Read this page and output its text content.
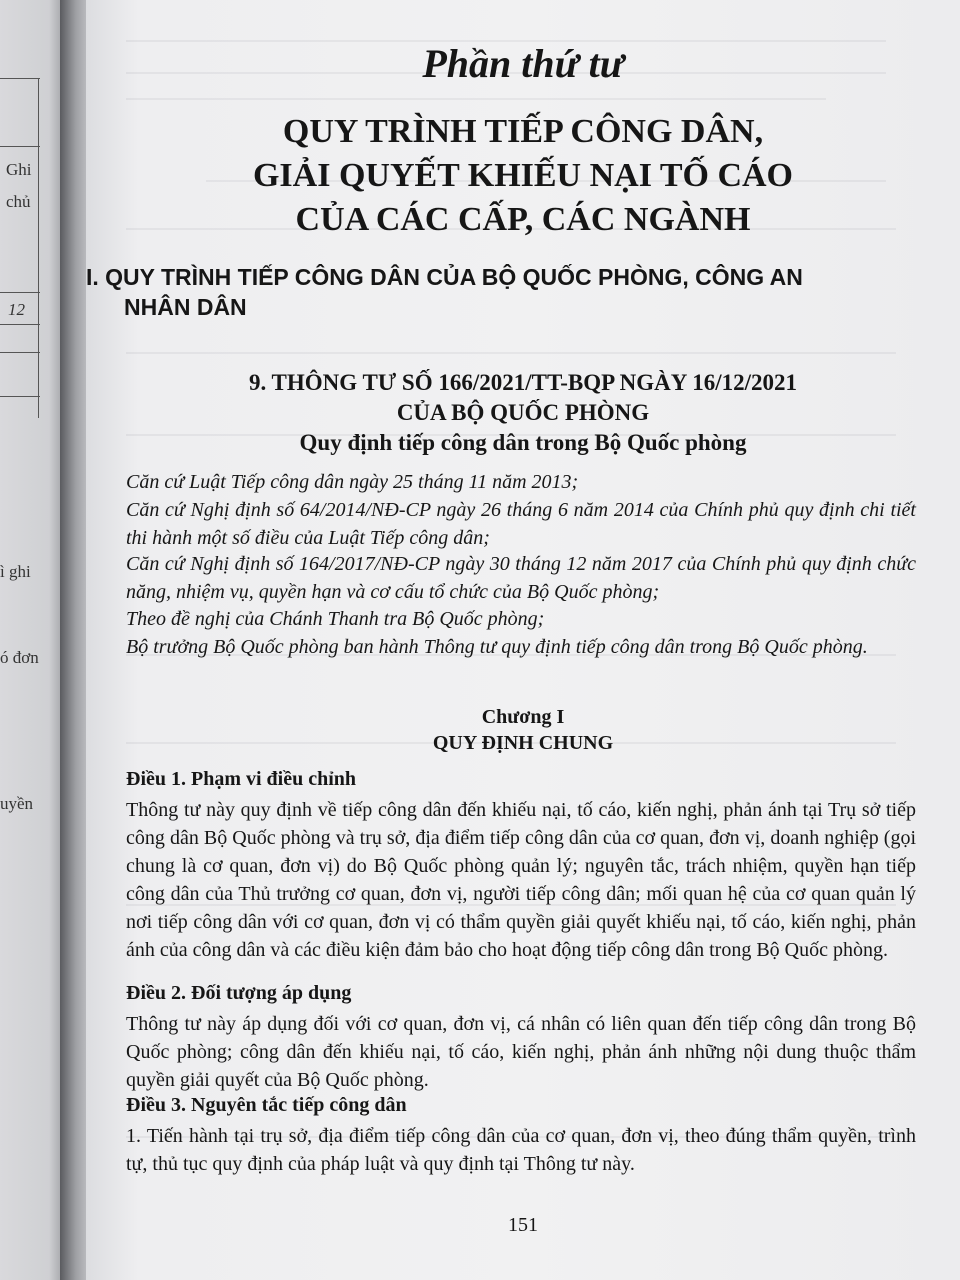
Ghi
chủ
12
ì ghi
ó đơn
uyền
Phần thứ tư
QUY TRÌNH TIẾP CÔNG DÂN,
GIẢI QUYẾT KHIẾU NẠI TỐ CÁO
CỦA CÁC CẤP, CÁC NGÀNH
I. QUY TRÌNH TIẾP CÔNG DÂN CỦA BỘ QUỐC PHÒNG, CÔNG AN
NHÂN DÂN
9. THÔNG TƯ SỐ 166/2021/TT-BQP NGÀY 16/12/2021
CỦA BỘ QUỐC PHÒNG
Quy định tiếp công dân trong Bộ Quốc phòng
Căn cứ Luật Tiếp công dân ngày 25 tháng 11 năm 2013;
Căn cứ Nghị định số 64/2014/NĐ-CP ngày 26 tháng 6 năm 2014 của Chính phủ quy định chi tiết thi hành một số điều của Luật Tiếp công dân;
Căn cứ Nghị định số 164/2017/NĐ-CP ngày 30 tháng 12 năm 2017 của Chính phủ quy định chức năng, nhiệm vụ, quyền hạn và cơ cấu tổ chức của Bộ Quốc phòng;
Theo đề nghị của Chánh Thanh tra Bộ Quốc phòng;
Bộ trưởng Bộ Quốc phòng ban hành Thông tư quy định tiếp công dân trong Bộ Quốc phòng.
Chương I
QUY ĐỊNH CHUNG
Điều 1. Phạm vi điều chỉnh
Thông tư này quy định về tiếp công dân đến khiếu nại, tố cáo, kiến nghị, phản ánh tại Trụ sở tiếp công dân Bộ Quốc phòng và trụ sở, địa điểm tiếp công dân của cơ quan, đơn vị, doanh nghiệp (gọi chung là cơ quan, đơn vị) do Bộ Quốc phòng quản lý; nguyên tắc, trách nhiệm, quyền hạn tiếp công dân của Thủ trưởng cơ quan, đơn vị, người tiếp công dân; mối quan hệ của cơ quan quản lý nơi tiếp công dân với cơ quan, đơn vị có thẩm quyền giải quyết khiếu nại, tố cáo, kiến nghị, phản ánh của công dân và các điều kiện đảm bảo cho hoạt động tiếp công dân trong Bộ Quốc phòng.
Điều 2. Đối tượng áp dụng
Thông tư này áp dụng đối với cơ quan, đơn vị, cá nhân có liên quan đến tiếp công dân trong Bộ Quốc phòng; công dân đến khiếu nại, tố cáo, kiến nghị, phản ánh những nội dung thuộc thẩm quyền giải quyết của Bộ Quốc phòng.
Điều 3. Nguyên tắc tiếp công dân
1. Tiến hành tại trụ sở, địa điểm tiếp công dân của cơ quan, đơn vị, theo đúng thẩm quyền, trình tự, thủ tục quy định của pháp luật và quy định tại Thông tư này.
151
